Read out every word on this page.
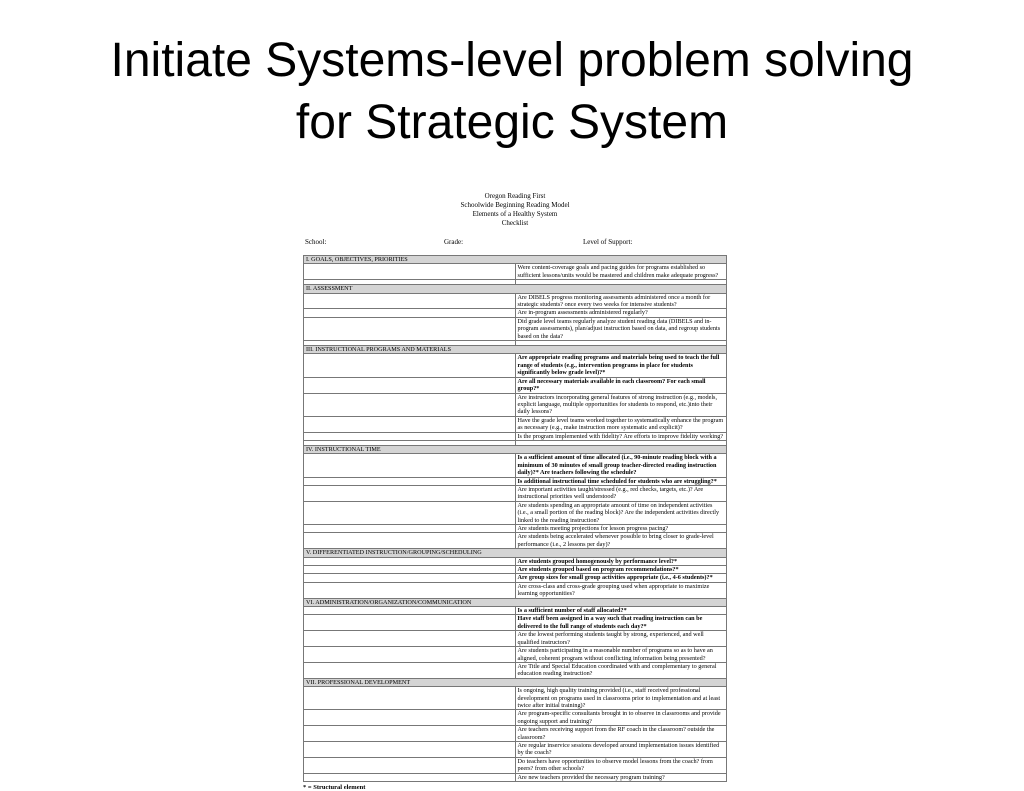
Initiate Systems-level problem solving
for Strategic System
Oregon Reading First
Schoolwide Beginning Reading Model
Elements of a Healthy System
Checklist
School:	Grade:	Level of Support:
I. GOALS, OBJECTIVES, PRIORITIES	
	Were content-coverage goals and pacing guides for programs established so sufficient lessons/units would be mastered and children make adequate progress?

II. ASSESSMENT	
	Are DIBELS progress monitoring assessments administered once a month for strategic students? once every two weeks for intensive students?
	Are in-program assessments administered regularly?
	Did grade level teams regularly analyze student reading data (DIBELS and in-program assessments), plan/adjust instruction based on data, and regroup students based on the data?

III. INSTRUCTIONAL PROGRAMS AND MATERIALS	
	Are appropriate reading programs and materials being used to teach the full range of students (e.g., intervention programs in place for students significantly below grade level)?*
	Are all necessary materials available in each classroom? For each small group?*
	Are instructors incorporating general features of strong instruction (e.g., models, explicit language, multiple opportunities for students to respond, etc.)into their daily lessons?
	Have the grade level teams worked together to systematically enhance the program as necessary (e.g., make instruction more systematic and explicit)?
	Is the program implemented with fidelity? Are efforts to improve fidelity working?

IV. INSTRUCTIONAL TIME	
	Is a sufficient amount of time allocated (i.e., 90-minute reading block with a minimum of 30 minutes of small group teacher-directed reading instruction daily)?* Are teachers following the schedule?
	Is additional instructional time scheduled for students who are struggling?*
	Are important activities taught/stressed (e.g., red checks, targets, etc.)? Are instructional priorities well understood?
	Are students spending an appropriate amount of time on independent activities (i.e., a small portion of the reading block)? Are the independent activities directly linked to the reading instruction?
	Are students meeting projections for lesson progress pacing?
	Are students being accelerated whenever possible to bring closer to grade-level performance (i.e., 2 lessons per day)?
V. DIFFERENTIATED INSTRUCTION/GROUPING/SCHEDULING	
	Are students grouped homogenously by performance level?*
	Are students grouped based on program recommendations?*
	Are group sizes for small group activities appropriate (i.e., 4-6 students)?*
	Are cross-class and cross-grade grouping used when appropriate to maximize learning opportunities?
VI. ADMINISTRATION/ORGANIZATION/COMMUNICATION	
	Is a sufficient number of staff allocated?*
	Have staff been assigned in a way such that reading instruction can be delivered to the full range of students each day?*
	Are the lowest performing students taught by strong, experienced, and well qualified instructors?
	Are students participating in a reasonable number of programs so as to have an aligned, coherent program without conflicting information being presented?
	Are Title and Special Education coordinated with and complementary to general education reading instruction?
VII. PROFESSIONAL DEVELOPMENT	
	Is ongoing, high quality training provided (i.e., staff received professional development on programs used in classrooms prior to implementation and at least twice after initial training)?
	Are program-specific consultants brought in to observe in classrooms and provide ongoing support and training?
	Are teachers receiving support from the RF coach in the classroom? outside the classroom?
	Are regular inservice sessions developed around implementation issues identified by the coach?
	Do teachers have opportunities to observe model lessons from the coach? from peers? from other schools?
	Are new teachers provided the necessary program training?
* = Structural element
